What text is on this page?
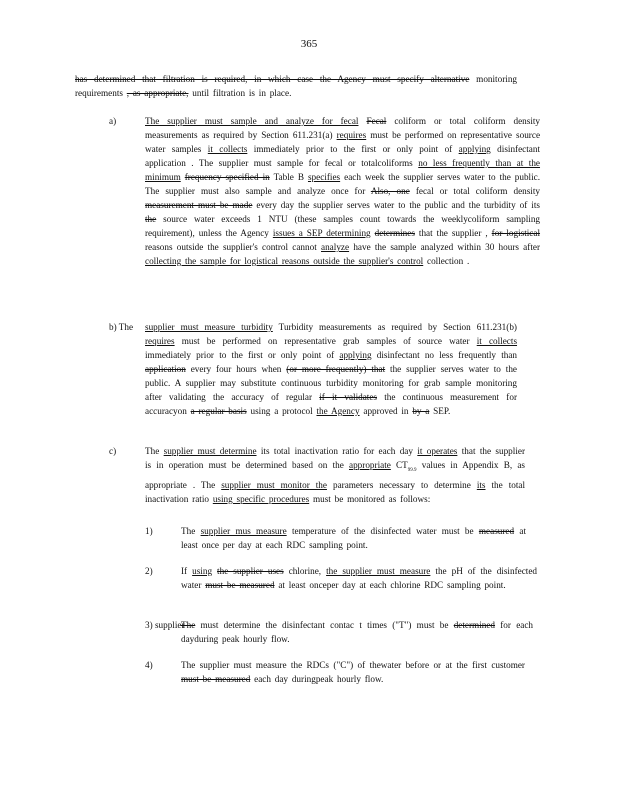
365
has determined that filtration is required, in which case the Agency must specify alternative monitoring requirements , as appropriate, until filtration is in place.
a)	The supplier must sample and analyze for fecal Fecal coliform or total coliform density measurements as required by Section 611.231(a) requires must be performed on representative source water samples it collects immediately prior to the first or only point of applying disinfectant application . The supplier must sample for fecal or totalcoliforms no less frequently than at the minimum frequency specified in Table B specifies each week the supplier serves water to the public. The supplier must also sample and analyze once for Also, one fecal or total coliform density measurement must be made every day the supplier serves water to the public and the turbidity of its the source water exceeds 1 NTU (these samples count towards the weeklycoliform sampling requirement), unless the Agency issues a SEP determining determines that the supplier , for logistical reasons outside the supplier's control cannot analyze have the sample analyzed within 30 hours after collecting the sample for logistical reasons outside the supplier's control collection .
b) The supplier must measure turbidity Turbidity measurements as required by Section 611.231(b) requires must be performed on representative grab samples of source water it collects immediately prior to the first or only point of applying disinfectant no less frequently than application every four hours when (or more frequently) that the supplier serves water to the public. A supplier may substitute continuous turbidity monitoring for grab sample monitoring after validating the accuracy of regular if it validates the continuous measurement for accuracyon a regular basis using a protocol the Agency approved in by a SEP.
c)	The supplier must determine its total inactivation ratio for each day it operates that the supplier is in operation must be determined based on the appropriate $CT_{99.9}$ values in Appendix B, as appropriate . The supplier must monitor the parameters necessary to determine its the total inactivation ratio using specific procedures must be monitored as follows:
1)	The supplier mus measure temperature of the disinfected water must be measured at least once per day at each RDC sampling point.
2)	If using the supplier uses chlorine, the supplier must measure the pH of the disinfected water must be measured at least onceper day at each chlorine RDC sampling point.
3) supplier
The must determine the disinfectant contac t times ("T") must be determined for each dayduring peak hourly flow.
4)	The supplier must measure the RDCs ("C") of thewater before or at the first customer must be measured each day duringpeak hourly flow.
